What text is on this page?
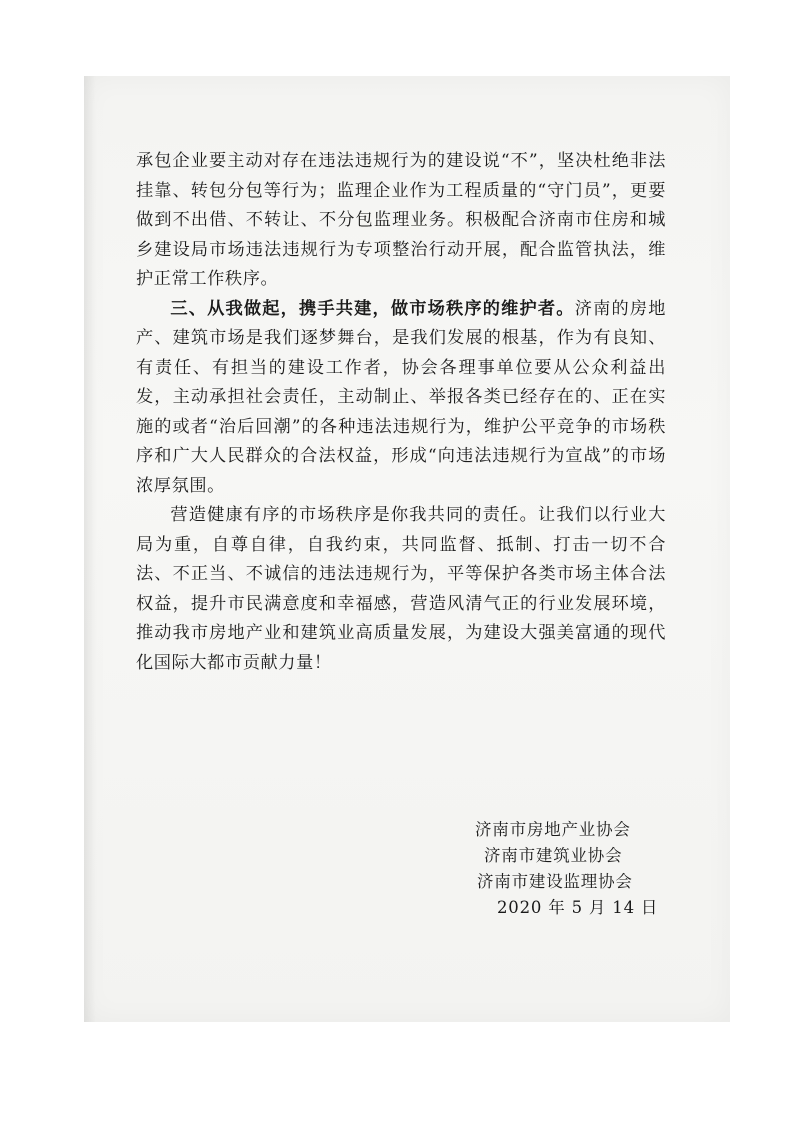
承包企业要主动对存在违法违规行为的建设说“不”，坚决杜绝非法挂靠、转包分包等行为；监理企业作为工程质量的“守门员”，更要做到不出借、不转让、不分包监理业务。积极配合济南市住房和城乡建设局市场违法违规行为专项整治行动开展，配合监管执法，维护正常工作秩序。

三、从我做起，携手共建，做市场秩序的维护者。济南的房地产、建筑市场是我们逐梦舞台，是我们发展的根基，作为有良知、有责任、有担当的建设工作者，协会各理事单位要从公众利益出发，主动承担社会责任，主动制止、举报各类已经存在的、正在实施的或者“治后回潮”的各种违法违规行为，维护公平竞争的市场秩序和广大人民群众的合法权益，形成“向违法违规行为宣战”的市场浓厚氛围。

营造健康有序的市场秩序是你我共同的责任。让我们以行业大局为重，自尊自律，自我约束，共同监督、抵制、打击一切不合法、不正当、不诚信的违法违规行为，平等保护各类市场主体合法权益，提升市民满意度和幸福感，营造风清气正的行业发展环境，推动我市房地产业和建筑业高质量发展，为建设大强美富通的现代化国际大都市贡献力量！

济南市房地产业协会
济南市建筑业协会
济南市建设监理协会
2020 年 5 月 14 日
